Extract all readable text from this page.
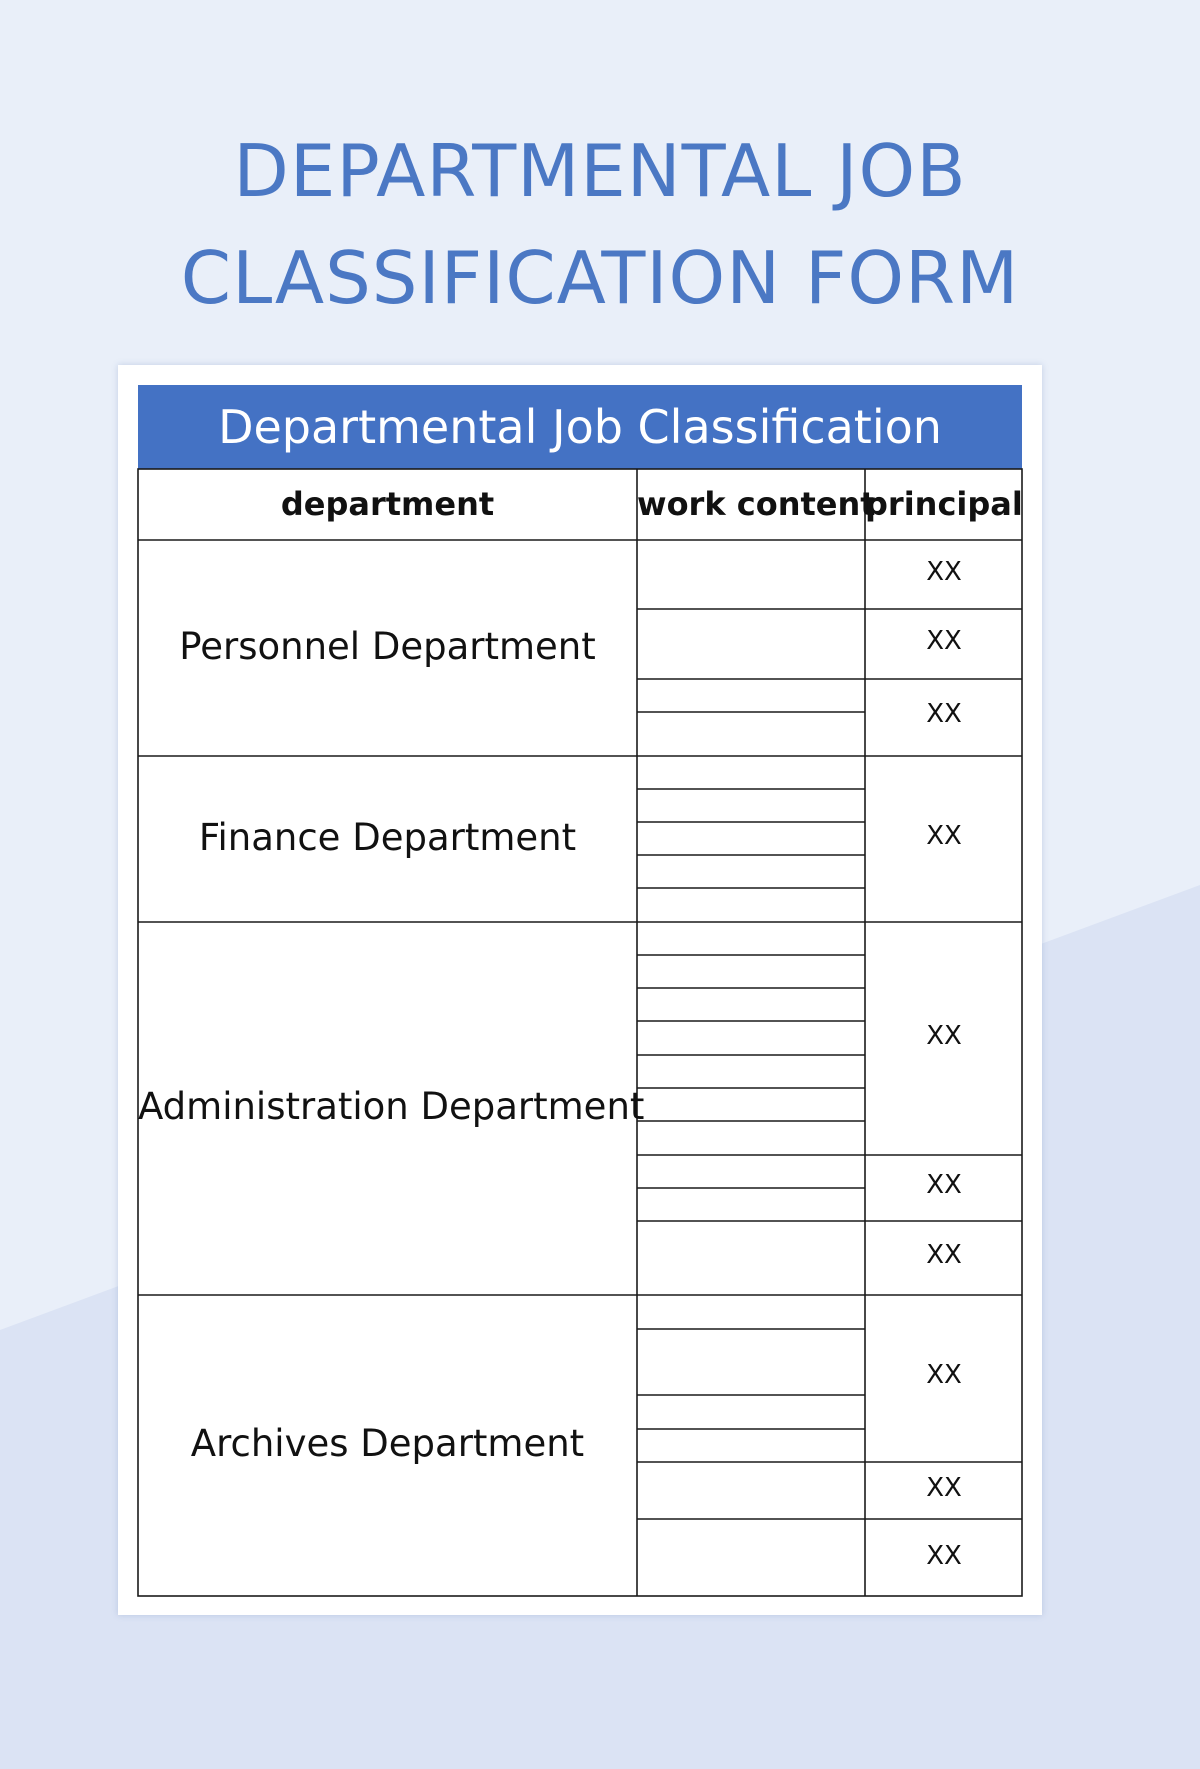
DEPARTMENTAL JOB
CLASSIFICATION FORM
Departmental Job Classification
department	work content
principal
Personnel Department
Finance Department
Administration Department
Archives Department
XX
XX
XX
XX
XX
XX
XX
XX
XX
XX
